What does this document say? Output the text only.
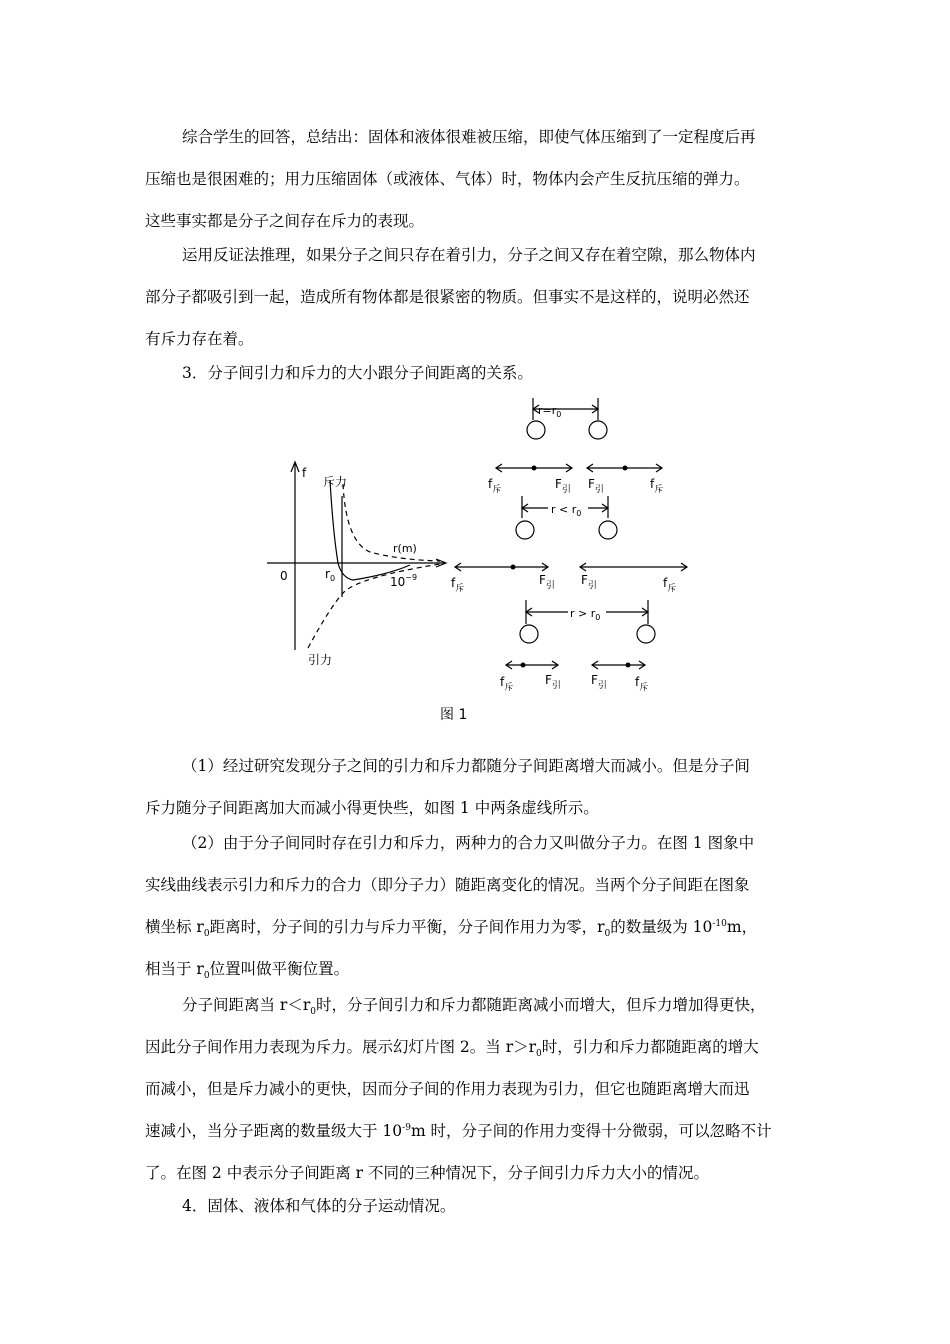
综合学生的回答，总结出：固体和液体很难被压缩，即使气体压缩到了一定程度后再
压缩也是很困难的；用力压缩固体（或液体、气体）时，物体内会产生反抗压缩的弹力。
这些事实都是分子之间存在斥力的表现。
运用反证法推理，如果分子之间只存在着引力，分子之间又存在着空隙，那么物体内
部分子都吸引到一起，造成所有物体都是很紧密的物质。但事实不是这样的，说明必然还
有斥力存在着。
3．分子间引力和斥力的大小跟分子间距离的关系。
f
斥力
r(m)
0	$r_0$	$10^{-9}$
引力
$r=r_0$
$f_斥$	$F_引$ $F_引$	$f_斥$
$r < r_0$
$f_斥$
$F_引$ $F_引$	$f_斥$
$r > r_0$
$f_斥$
$F_引$	$F_引$ $f_斥$
图 1
（1）经过研究发现分子之间的引力和斥力都随分子间距离增大而减小。但是分子间
斥力随分子间距离加大而减小得更快些，如图 1 中两条虚线所示。
（2）由于分子间同时存在引力和斥力，两种力的合力又叫做分子力。在图 1 图象中
实线曲线表示引力和斥力的合力（即分子力）随距离变化的情况。当两个分子间距在图象
横坐标 $r_0$距离时，分子间的引力与斥力平衡，分子间作用力为零，$r_0$的数量级为 $10^{-10}m$，
相当于 $r_0$位置叫做平衡位置。
分子间距离当 $r<r_0$时，分子间引力和斥力都随距离减小而增大，但斥力增加得更快，
因此分子间作用力表现为斥力。展示幻灯片图 2。当 $r>r_0$时，引力和斥力都随距离的增大
而减小，但是斥力减小的更快，因而分子间的作用力表现为引力，但它也随距离增大而迅
速减小，当分子距离的数量级大于 $10^{-9}m$ 时，分子间的作用力变得十分微弱，可以忽略不计
了。在图 2 中表示分子间距离 r 不同的三种情况下，分子间引力斥力大小的情况。
4．固体、液体和气体的分子运动情况。
